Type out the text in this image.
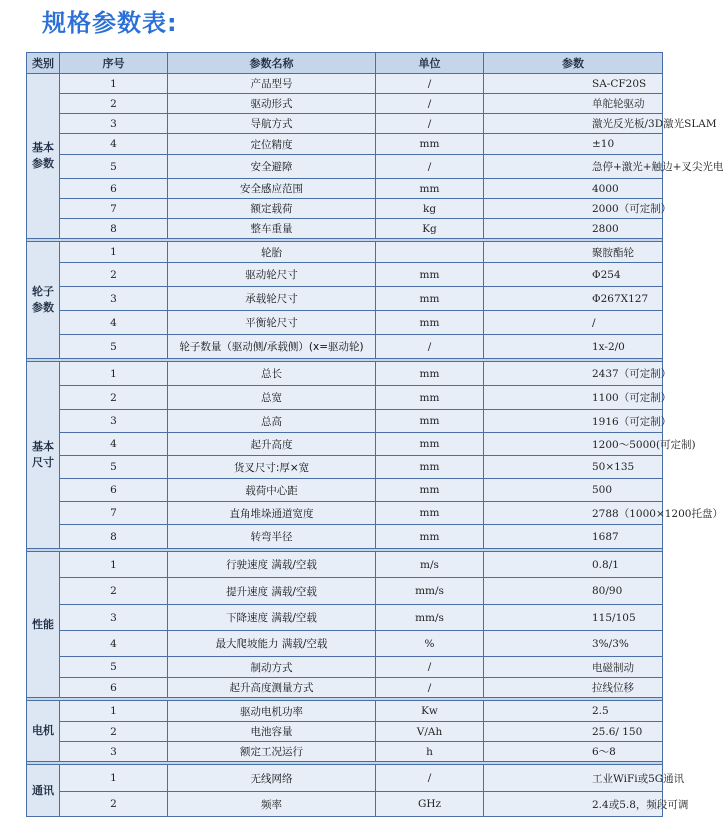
规格参数表:
类别	序号	参数名称	单位	参数
基本参数	1	产品型号	/	SA-CF20S
	2	驱动形式	/	单舵轮驱动
	3	导航方式	/	激光反光板/3D激光SLAM
	4	定位精度	mm	±10
	5	安全避障	/	急停+激光+触边+叉尖光电
	6	安全感应范围	mm	4000
	7	额定载荷	kg	2000（可定制）
	8	整车重量	Kg	2800

轮子参数	1	轮胎		聚胺酯轮
	2	驱动轮尺寸	mm	Φ254
	3	承载轮尺寸	mm	Φ267X127
	4	平衡轮尺寸	mm	/
	5	轮子数量（驱动侧/承载侧）(x=驱动轮)	/	1x-2/0

基本尺寸	1	总长	mm	2437（可定制）
	2	总宽	mm	1100（可定制）
	3	总高	mm	1916（可定制）
	4	起升高度	mm	1200～5000(可定制)
	5	货叉尺寸:厚×宽	mm	50×135
	6	载荷中心距	mm	500
	7	直角堆垛通道宽度	mm	2788（1000×1200托盘）
	8	转弯半径	mm	1687

性能	1	行驶速度 满载/空载	m/s	0.8/1
	2	提升速度 满载/空载	mm/s	80/90
	3	下降速度 满载/空载	mm/s	115/105
	4	最大爬坡能力 满载/空载	%	3%/3%
	5	制动方式	/	电磁制动
	6	起升高度测量方式	/	拉线位移

电机	1	驱动电机功率	Kw	2.5
	2	电池容量	V/Ah	25.6/ 150
	3	额定工况运行	h	6～8

通讯	1	无线网络	/	工业WiFi或5G通讯
	2	频率	GHz	2.4或5.8，频段可调
